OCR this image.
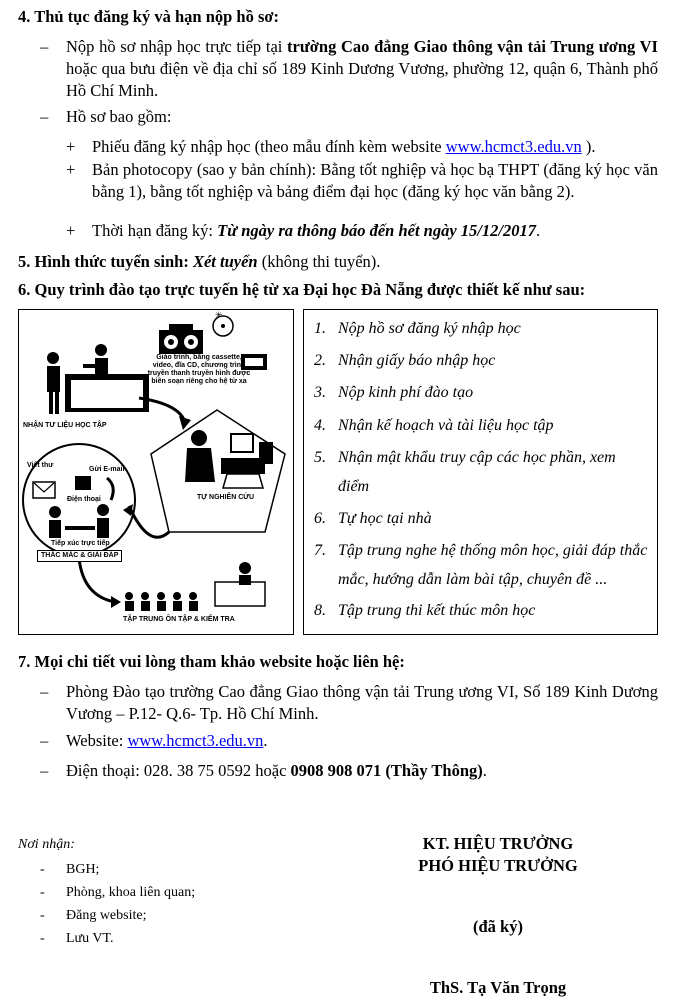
4. Thủ tục đăng ký và hạn nộp hồ sơ:
– Nộp hồ sơ nhập học trực tiếp tại trường Cao đẳng Giao thông vận tải Trung ương VI hoặc qua bưu điện về địa chỉ số 189 Kinh Dương Vương, phường 12, quận 6, Thành phố Hồ Chí Minh.
– Hồ sơ bao gồm:
+ Phiếu đăng ký nhập học (theo mẫu đính kèm website www.hcmct3.edu.vn ).
+ Bản photocopy (sao y bản chính): Bằng tốt nghiệp và học bạ THPT (đăng ký học văn bằng 1), bằng tốt nghiệp và bảng điểm đại học (đăng ký học văn bằng 2).
+ Thời hạn đăng ký: Từ ngày ra thông báo đến hết ngày 15/12/2017.
5. Hình thức tuyển sinh: Xét tuyển (không thi tuyển).
6. Quy trình đào tạo trực tuyến hệ từ xa Đại học Đà Nẵng được thiết kế như sau:
✳
NHẬN TƯ LIỆU HỌC TẬP
Giáo trình, băng cassette, video, đĩa CD, chương trình truyền thanh truyền hình được biên soạn riêng cho hệ từ xa
TỰ NGHIÊN CỨU
Viết thư
Gửi E-mail
Điện thoại
Tiếp xúc trực tiếp
THẮC MẮC & GIẢI ĐÁP
TẬP TRUNG ÔN TẬP & KIỂM TRA
1. Nộp hồ sơ đăng ký nhập học
2. Nhận giấy báo nhập học
3. Nộp kinh phí đào tạo
4. Nhận kế hoạch và tài liệu học tập
5. Nhận mật khẩu truy cập các học phần, xem
điểm
6. Tự học tại nhà
7. Tập trung nghe hệ thống môn học, giải đáp thắc
mắc, hướng dẫn làm bài tập, chuyên đề ...
8. Tập trung thi kết thúc môn học
7. Mọi chi tiết vui lòng tham khảo website hoặc liên hệ:
– Phòng Đào tạo trường Cao đẳng Giao thông vận tải Trung ương VI, Số 189 Kinh Dương Vương – P.12- Q.6- Tp. Hồ Chí Minh.
– Website: www.hcmct3.edu.vn.
– Điện thoại: 028. 38 75 0592 hoặc 0908 908 071 (Thầy Thông).
Nơi nhận:
- BGH;
- Phòng, khoa liên quan;
- Đăng website;
- Lưu VT.
KT. HIỆU TRƯỞNG
PHÓ HIỆU TRƯỞNG
(đã ký)
ThS. Tạ Văn Trọng
